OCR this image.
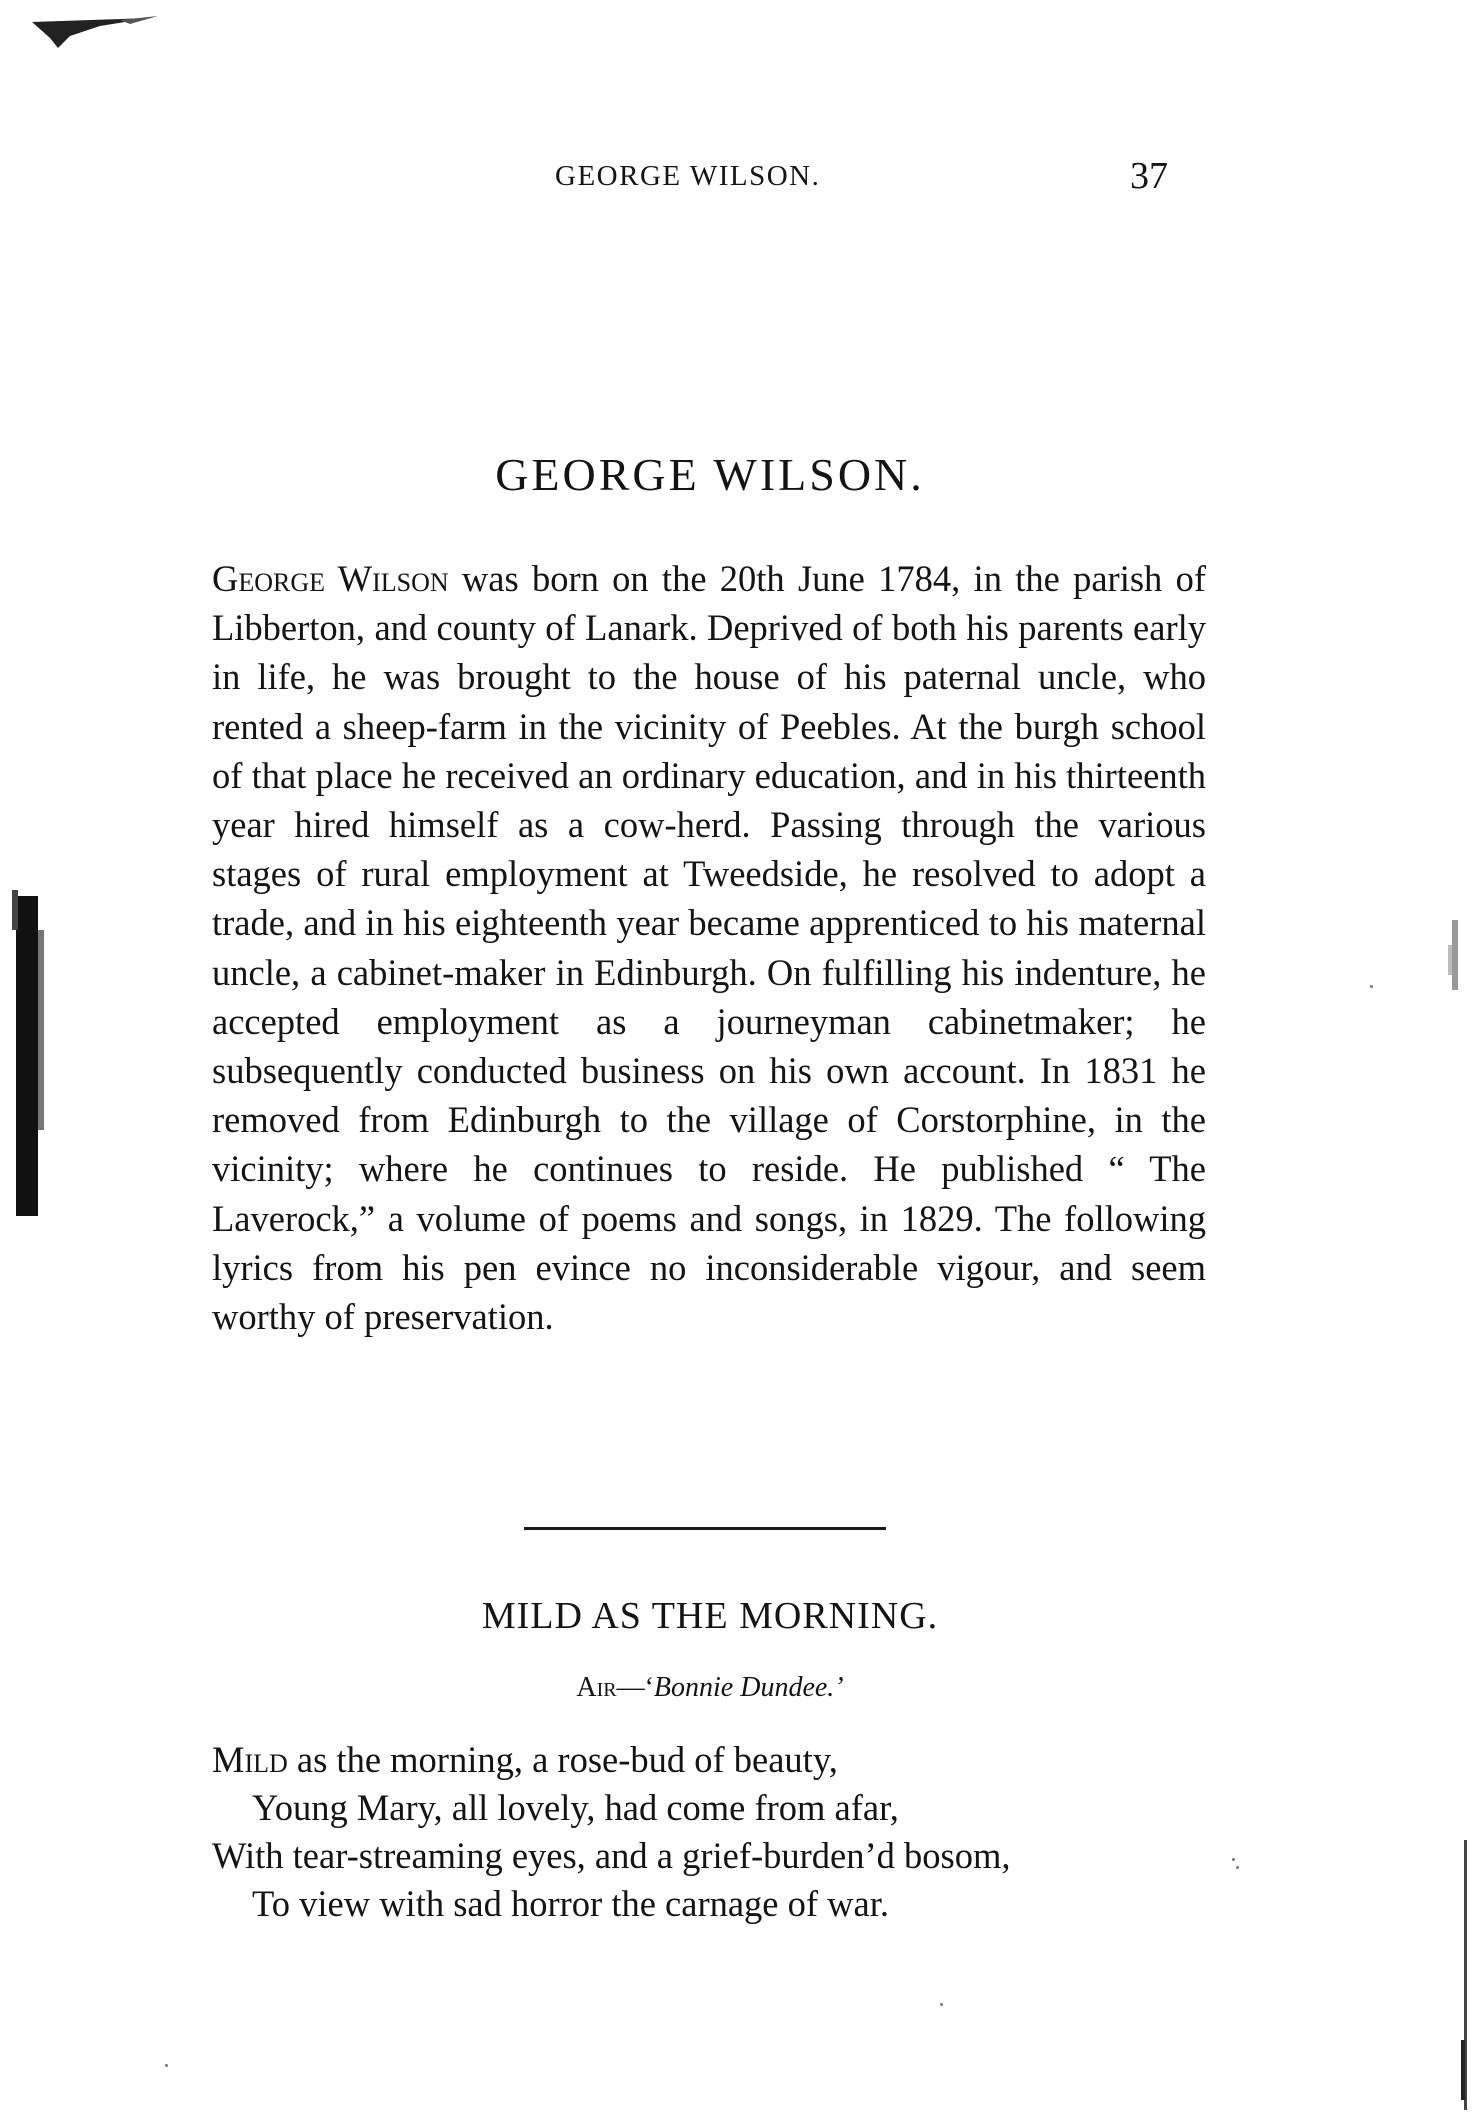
GEORGE WILSON.	37
GEORGE WILSON.

George Wilson was born on the 20th June 1784, in the parish of Libberton, and county of Lanark. Deprived of both his parents early in life, he was brought to the house of his paternal uncle, who rented a sheep-farm in the vicinity of Peebles. At the burgh school of that place he received an ordinary education, and in his thirteenth year hired himself as a cow-herd. Passing through the various stages of rural employment at Tweedside, he resolved to adopt a trade, and in his eighteenth year became apprenticed to his maternal uncle, a cabinet-maker in Edinburgh. On fulfilling his indenture, he accepted employment as a journeyman cabinetmaker; he subsequently conducted business on his own account. In 1831 he removed from Edinburgh to the village of Corstorphine, in the vicinity; where he continues to reside. He published “ The Laverock,” a volume of poems and songs, in 1829. The following lyrics from his pen evince no inconsiderable vigour, and seem worthy of preservation.

MILD AS THE MORNING.
Air—‘Bonnie Dundee.’
Mild as the morning, a rose-bud of beauty,
Young Mary, all lovely, had come from afar,
With tear-streaming eyes, and a grief-burden’d bosom,
To view with sad horror the carnage of war.
